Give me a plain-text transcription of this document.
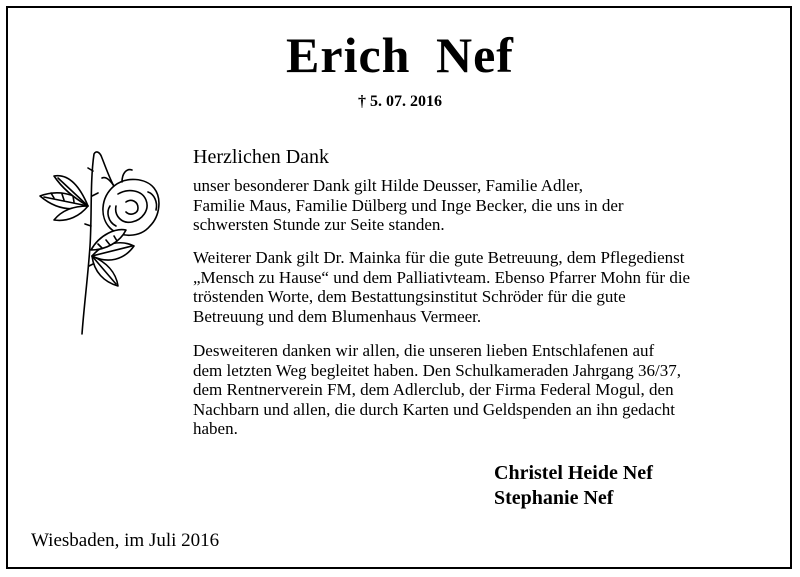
Erich Nef
† 5. 07. 2016
Herzlichen Dank
unser besonderer Dank gilt Hilde Deusser, Familie Adler,
Familie Maus, Familie Dülberg und Inge Becker, die uns in der
schwersten Stunde zur Seite standen.
Weiterer Dank gilt Dr. Mainka für die gute Betreuung, dem Pflegedienst
„Mensch zu Hause“ und dem Palliativteam. Ebenso Pfarrer Mohn für die
tröstenden Worte, dem Bestattungsinstitut Schröder für die gute
Betreuung und dem Blumenhaus Vermeer.
Desweiteren danken wir allen, die unseren lieben Entschlafenen auf
dem letzten Weg begleitet haben. Den Schulkameraden Jahrgang 36/37,
dem Rentnerverein FM, dem Adlerclub, der Firma Federal Mogul, den
Nachbarn und allen, die durch Karten und Geldspenden an ihn gedacht
haben.
Christel Heide Nef
Stephanie Nef
Wiesbaden, im Juli 2016
